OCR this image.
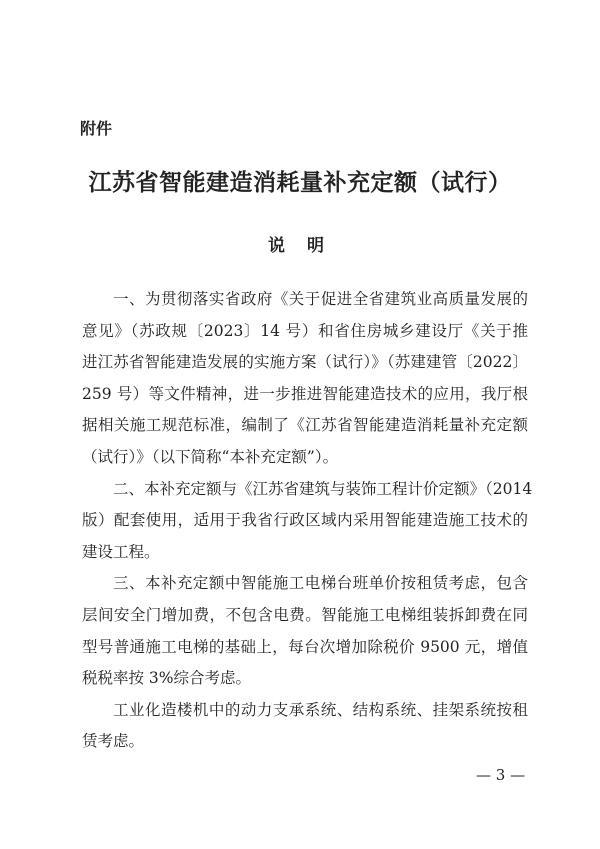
附件
江苏省智能建造消耗量补充定额（试行）
说 明
一、为贯彻落实省政府《关于促进全省建筑业高质量发展的
意见》（苏政规〔2023〕14 号）和省住房城乡建设厅《关于推
进江苏省智能建造发展的实施方案（试行）》（苏建建管〔2022〕
259 号）等文件精神，进一步推进智能建造技术的应用，我厅根
据相关施工规范标准，编制了《江苏省智能建造消耗量补充定额
（试行）》（以下简称“本补充定额”）。
二、本补充定额与《江苏省建筑与装饰工程计价定额》（2014
版）配套使用，适用于我省行政区域内采用智能建造施工技术的
建设工程。
三、本补充定额中智能施工电梯台班单价按租赁考虑，包含
层间安全门增加费，不包含电费。智能施工电梯组装拆卸费在同
型号普通施工电梯的基础上，每台次增加除税价 9500 元，增值
税税率按 3%综合考虑。
工业化造楼机中的动力支承系统、结构系统、挂架系统按租
赁考虑。
— 3 —
